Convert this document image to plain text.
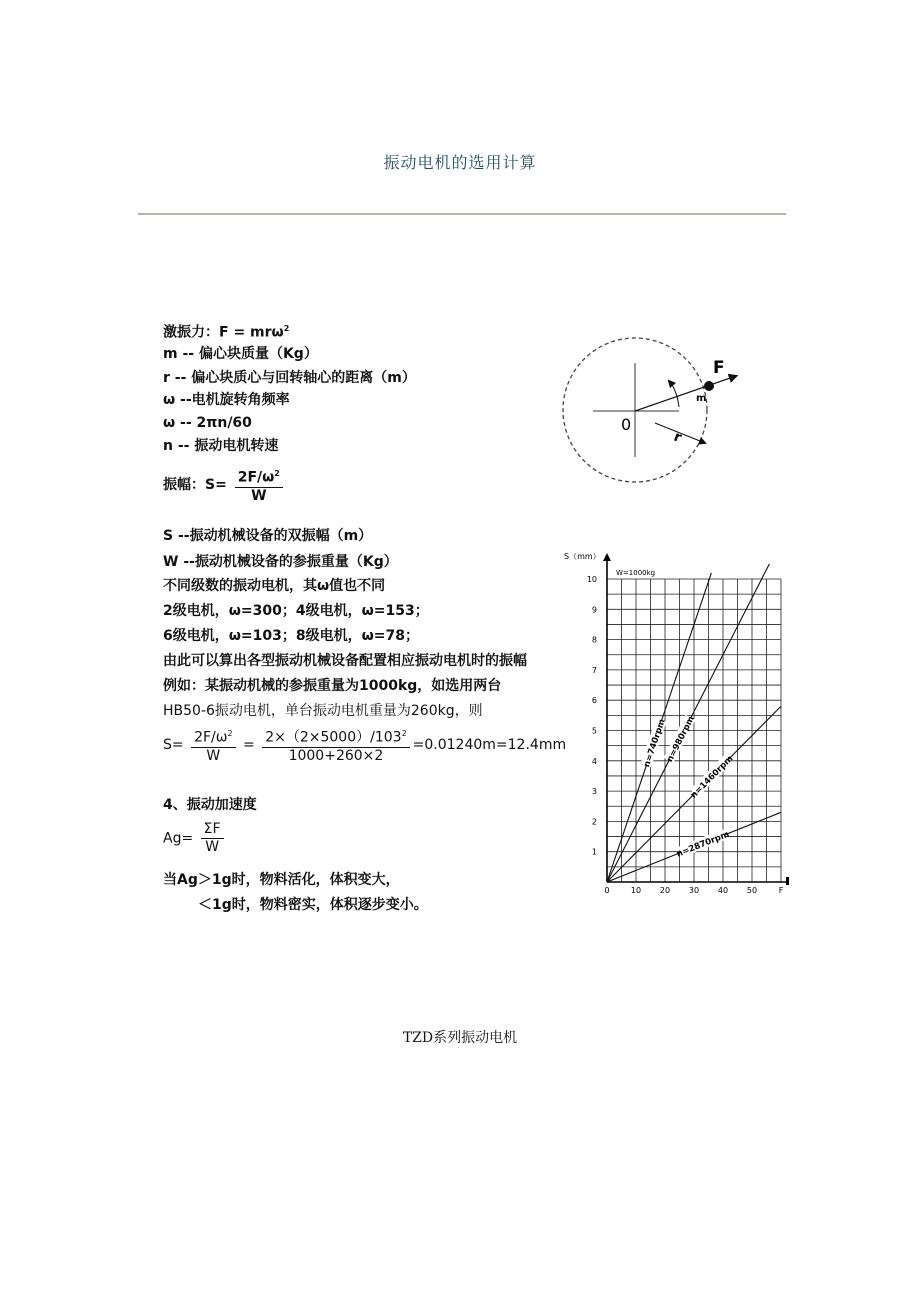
振动电机的选用计算
激振力：F = mrω$^2$
m -- 偏心块质量（Kg）
r -- 偏心块质心与回转轴心的距离（m）
ω --电机旋转角频率
ω -- 2πn/60
n -- 振动电机转速
振幅：$S= \frac{2F/\omega^2}{W}$
S --振动机械设备的双振幅（m）
W --振动机械设备的参振重量（Kg）
不同级数的振动电机，其ω值也不同
2级电机，ω=300；4级电机，ω=153；
6级电机，ω=103；8级电机，ω=78；
由此可以算出各型振动机械设备配置相应振动电机时的振幅
例如：某振动机械的参振重量为1000kg，如选用两台
HB50-6振动电机，单台振动电机重量为260kg，则
$S= \frac{2F/\omega^2}{W} = \frac{2\times(2\times 5000)/103^2}{1000+260\times 2} =0.01240m=12.4mm$
4、振动加速度
$Ag= \frac{\Sigma F}{W}$
当Ag＞1g时，物料活化，体积变大，
＜1g时，物料密实，体积逐步变小。
F
m
r
0
n=740rpm
n=980rpm
n=1460rpm
n=2870rpm
1
2
3
4
5
6
7
8
9
10
0	10 20 30 40 50	F
S（mm）
W=1000kg
TZD系列振动电机
